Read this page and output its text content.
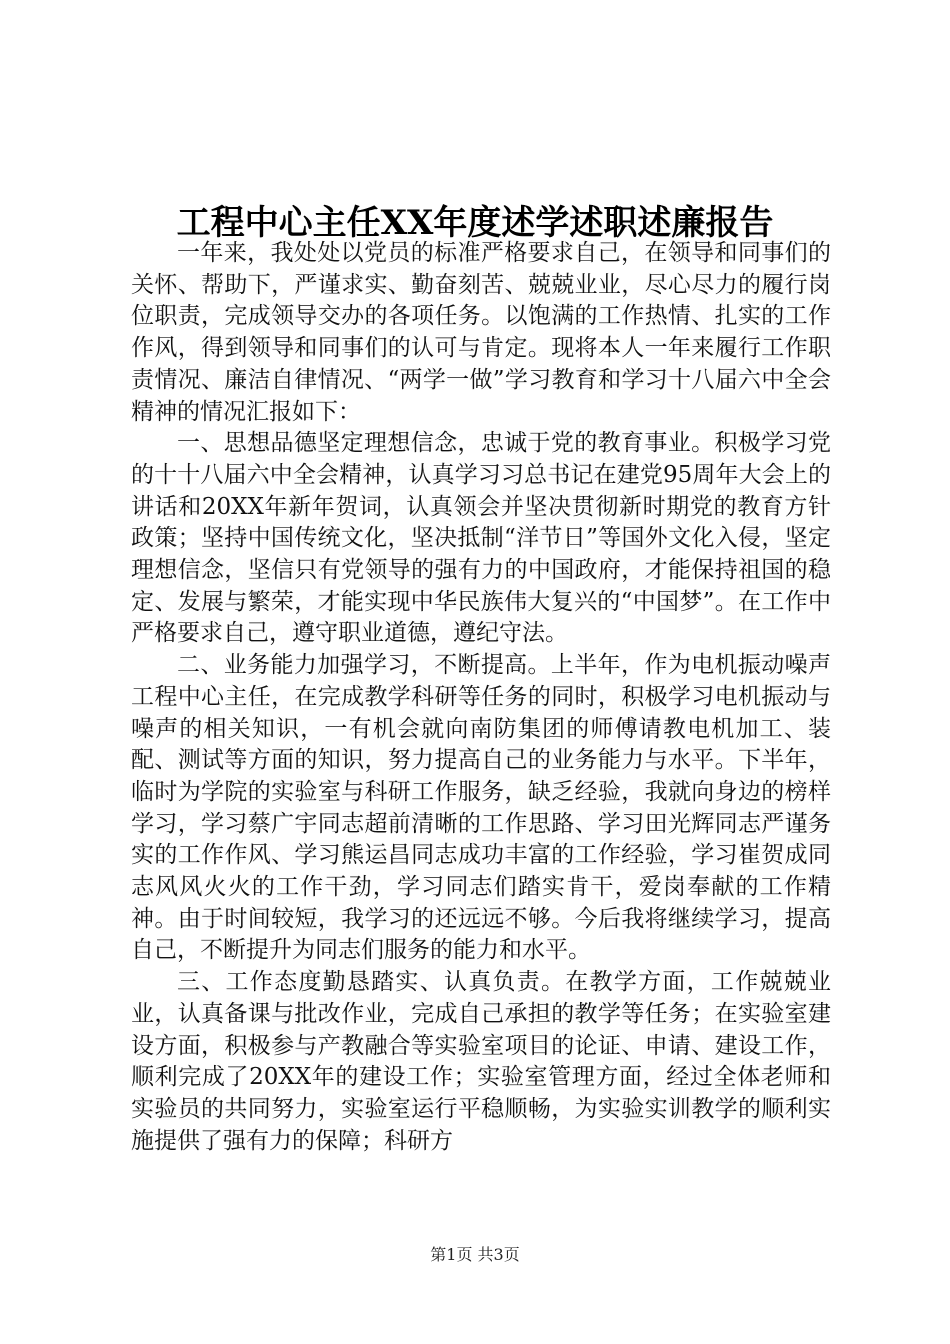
工程中心主任XX年度述学述职述廉报告

一年来，我处处以党员的标准严格要求自己，在领导和同事们的关怀、帮助下，严谨求实、勤奋刻苦、兢兢业业，尽心尽力的履行岗位职责，完成领导交办的各项任务。以饱满的工作热情、扎实的工作作风，得到领导和同事们的认可与肯定。现将本人一年来履行工作职责情况、廉洁自律情况、“两学一做”学习教育和学习十八届六中全会精神的情况汇报如下：

一、思想品德坚定理想信念，忠诚于党的教育事业。积极学习党的十十八届六中全会精神，认真学习习总书记在建党95周年大会上的讲话和20XX年新年贺词，认真领会并坚决贯彻新时期党的教育方针政策；坚持中国传统文化，坚决抵制“洋节日”等国外文化入侵，坚定理想信念，坚信只有党领导的强有力的中国政府，才能保持祖国的稳定、发展与繁荣，才能实现中华民族伟大复兴的“中国梦”。在工作中严格要求自己，遵守职业道德，遵纪守法。

二、业务能力加强学习，不断提高。上半年，作为电机振动噪声工程中心主任，在完成教学科研等任务的同时，积极学习电机振动与噪声的相关知识，一有机会就向南防集团的师傅请教电机加工、装配、测试等方面的知识，努力提高自己的业务能力与水平。下半年，临时为学院的实验室与科研工作服务，缺乏经验，我就向身边的榜样学习，学习蔡广宇同志超前清晰的工作思路、学习田光辉同志严谨务实的工作作风、学习熊运昌同志成功丰富的工作经验，学习崔贺成同志风风火火的工作干劲，学习同志们踏实肯干，爱岗奉献的工作精神。由于时间较短，我学习的还远远不够。今后我将继续学习，提高自己，不断提升为同志们服务的能力和水平。

三、工作态度勤恳踏实、认真负责。在教学方面，工作兢兢业业，认真备课与批改作业，完成自己承担的教学等任务；在实验室建设方面，积极参与产教融合等实验室项目的论证、申请、建设工作，顺利完成了20XX年的建设工作；实验室管理方面，经过全体老师和实验员的共同努力，实验室运行平稳顺畅，为实验实训教学的顺利实施提供了强有力的保障；科研方

第1页 共3页
